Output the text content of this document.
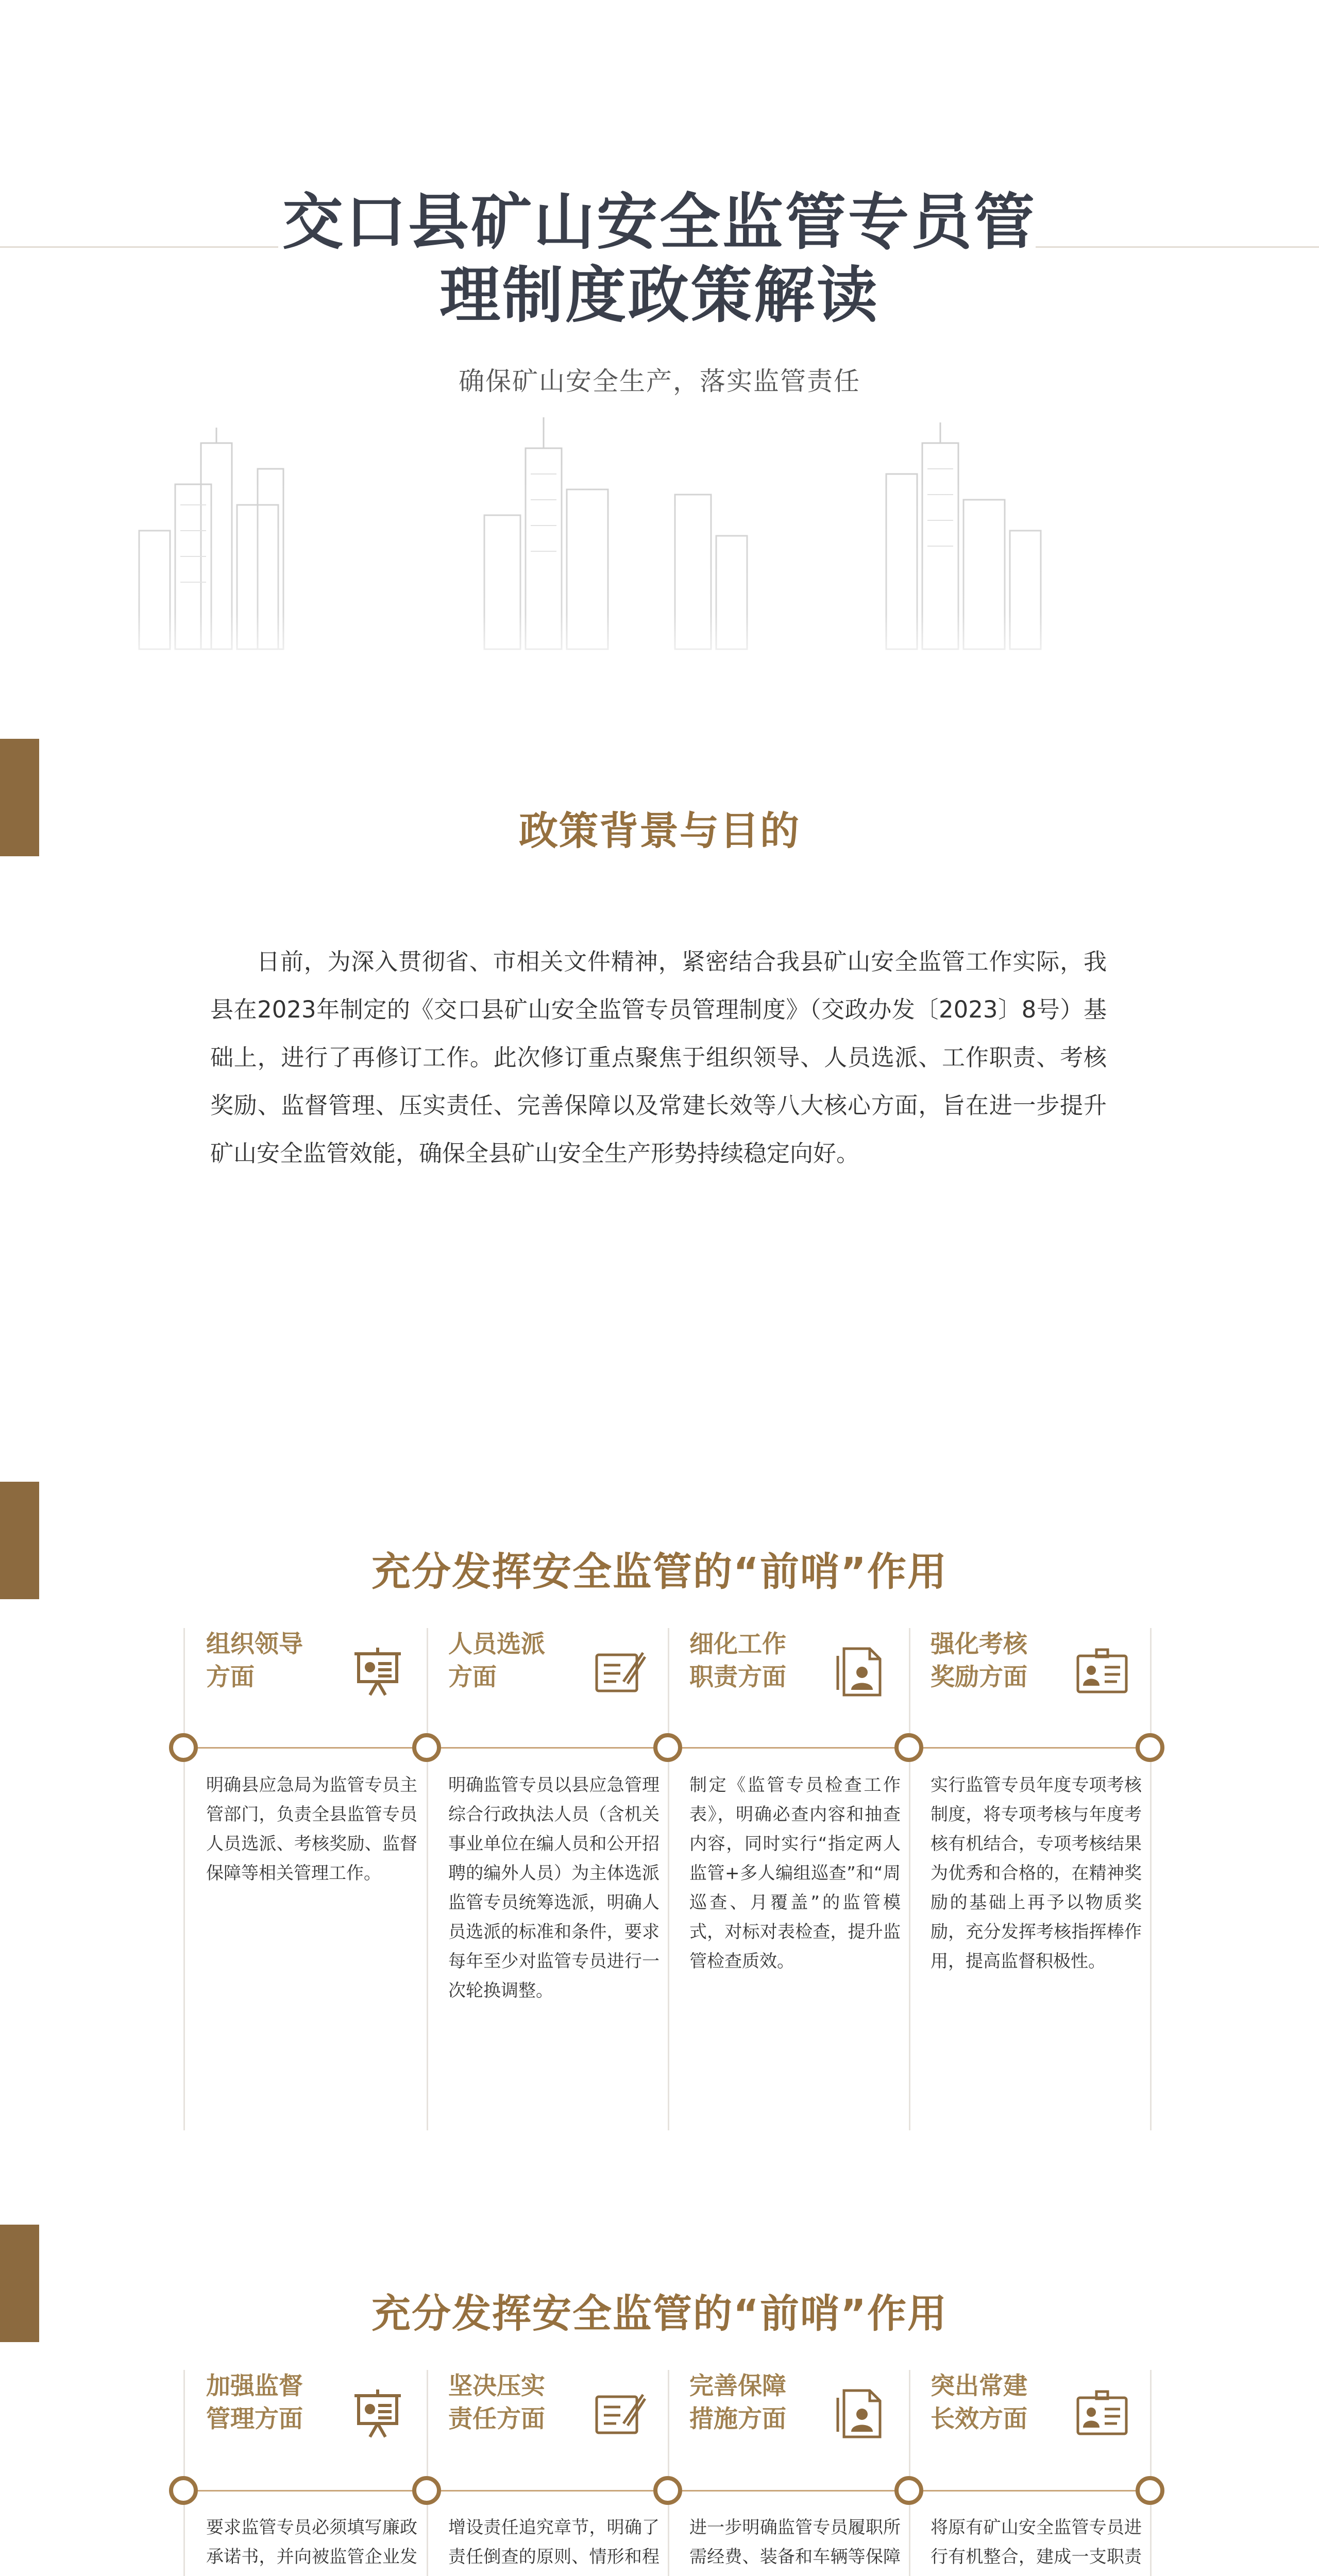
交口县矿山安全监管专员管
理制度政策解读
确保矿山安全生产，落实监管责任
政策背景与目的
日前，为深入贯彻省、市相关文件精神，紧密结合我县矿山安全监管工作实际，我县在2023年制定的《交口县矿山安全监管专员管理制度》（交政办发〔2023〕8号）基础上，进行了再修订工作。此次修订重点聚焦于组织领导、人员选派、工作职责、考核奖励、监督管理、压实责任、完善保障以及常建长效等八大核心方面，旨在进一步提升矿山安全监管效能，确保全县矿山安全生产形势持续稳定向好。
充分发挥安全监管的“前哨”作用
组织领导
方面
明确县应急局为监管专员主管部门，负责全县监管专员人员选派、考核奖励、监督保障等相关管理工作。
人员选派
方面
明确监管专员以县应急管理综合行政执法人员（含机关事业单位在编人员和公开招聘的编外人员）为主体选派监管专员统筹选派，明确人员选派的标准和条件，要求每年至少对监管专员进行一次轮换调整。
细化工作
职责方面
制定《监管专员检查工作表》，明确必查内容和抽查内容，同时实行“指定两人监管+多人编组巡查”和“周巡查、月覆盖”的监管模式，对标对表检查，提升监管检查质效。
强化考核
奖励方面
实行监管专员年度专项考核制度，将专项考核与年度考核有机结合，专项考核结果为优秀和合格的，在精神奖励的基础上再予以物质奖励，充分发挥考核指挥棒作用，提高监督积极性。
充分发挥安全监管的“前哨”作用
加强监督
管理方面
要求监管专员必须填写廉政承诺书，并向被监管企业发
坚决压实
责任方面
增设责任追究章节，明确了责任倒查的原则、情形和程
完善保障
措施方面
进一步明确监管专员履职所需经费、装备和车辆等保障
突出常建
长效方面
将原有矿山安全监管专员进行有机整合，建成一支职责
